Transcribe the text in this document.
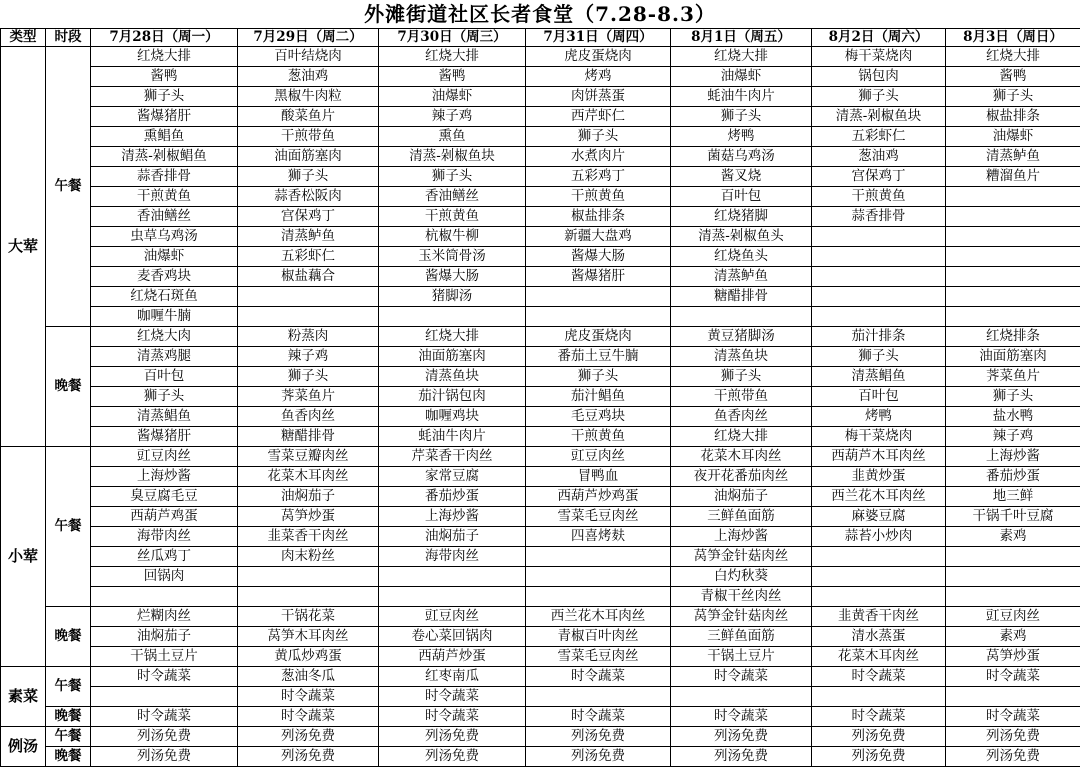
外滩街道社区长者食堂（7.28-8.3）
类型	时段	7月28日（周一）	7月29日（周二）	7月30日（周三）	7月31日（周四）	8月1日（周五）	8月2日（周六）	8月3日（周日）
大荤	午餐	红烧大排	百叶结烧肉	红烧大排	虎皮蛋烧肉	红烧大排	梅干菜烧肉	红烧大排
		酱鸭	葱油鸡	酱鸭	烤鸡	油爆虾	锅包肉	酱鸭
		狮子头	黑椒牛肉粒	油爆虾	肉饼蒸蛋	蚝油牛肉片	狮子头	狮子头
		酱爆猪肝	酸菜鱼片	辣子鸡	西芹虾仁	狮子头	清蒸-剁椒鱼块	椒盐排条
		熏鲳鱼	干煎带鱼	熏鱼	狮子头	烤鸭	五彩虾仁	油爆虾
		清蒸-剁椒鲳鱼	油面筋塞肉	清蒸-剁椒鱼块	水煮肉片	菌菇乌鸡汤	葱油鸡	清蒸鲈鱼
		蒜香排骨	狮子头	狮子头	五彩鸡丁	酱叉烧	宫保鸡丁	糟溜鱼片
		干煎黄鱼	蒜香松阪肉	香油鳝丝	干煎黄鱼	百叶包	干煎黄鱼	
		香油鳝丝	宫保鸡丁	干煎黄鱼	椒盐排条	红烧猪脚	蒜香排骨	
		虫草乌鸡汤	清蒸鲈鱼	杭椒牛柳	新疆大盘鸡	清蒸-剁椒鱼头		
		油爆虾	五彩虾仁	玉米筒骨汤	酱爆大肠	红烧鱼头		
		麦香鸡块	椒盐藕合	酱爆大肠	酱爆猪肝	清蒸鲈鱼		
		红烧石斑鱼		猪脚汤		糖醋排骨		
		咖喱牛腩						
	晚餐	红烧大肉	粉蒸肉	红烧大排	虎皮蛋烧肉	黄豆猪脚汤	茄汁排条	红烧排条
		清蒸鸡腿	辣子鸡	油面筋塞肉	番茄土豆牛腩	清蒸鱼块	狮子头	油面筋塞肉
		百叶包	狮子头	清蒸鱼块	狮子头	狮子头	清蒸鲳鱼	荠菜鱼片
		狮子头	荠菜鱼片	茄汁锅包肉	茄汁鲳鱼	干煎带鱼	百叶包	狮子头
		清蒸鲳鱼	鱼香肉丝	咖喱鸡块	毛豆鸡块	鱼香肉丝	烤鸭	盐水鸭
		酱爆猪肝	糖醋排骨	蚝油牛肉片	干煎黄鱼	红烧大排	梅干菜烧肉	辣子鸡
小荤	午餐	豇豆肉丝	雪菜豆瓣肉丝	芹菜香干肉丝	豇豆肉丝	花菜木耳肉丝	西葫芦木耳肉丝	上海炒酱
		上海炒酱	花菜木耳肉丝	家常豆腐	冒鸭血	夜开花番茄肉丝	韭黄炒蛋	番茄炒蛋
		臭豆腐毛豆	油焖茄子	番茄炒蛋	西葫芦炒鸡蛋	油焖茄子	西兰花木耳肉丝	地三鲜
		西葫芦鸡蛋	莴笋炒蛋	上海炒酱	雪菜毛豆肉丝	三鲜鱼面筋	麻婆豆腐	干锅千叶豆腐
		海带肉丝	韭菜香干肉丝	油焖茄子	四喜烤麸	上海炒酱	蒜苔小炒肉	素鸡
		丝瓜鸡丁	肉末粉丝	海带肉丝		莴笋金针菇肉丝		
		回锅肉				白灼秋葵		
						青椒干丝肉丝		
	晚餐	烂糊肉丝	干锅花菜	豇豆肉丝	西兰花木耳肉丝	莴笋金针菇肉丝	韭黄香干肉丝	豇豆肉丝
		油焖茄子	莴笋木耳肉丝	卷心菜回锅肉	青椒百叶肉丝	三鲜鱼面筋	清水蒸蛋	素鸡
		干锅土豆片	黄瓜炒鸡蛋	西葫芦炒蛋	雪菜毛豆肉丝	干锅土豆片	花菜木耳肉丝	莴笋炒蛋
素菜	午餐	时令蔬菜	葱油冬瓜	红枣南瓜	时令蔬菜	时令蔬菜	时令蔬菜	时令蔬菜
			时令蔬菜	时令蔬菜				
	晚餐	时令蔬菜	时令蔬菜	时令蔬菜	时令蔬菜	时令蔬菜	时令蔬菜	时令蔬菜
例汤	午餐	列汤免费	列汤免费	列汤免费	列汤免费	列汤免费	列汤免费	列汤免费
	晚餐	列汤免费	列汤免费	列汤免费	列汤免费	列汤免费	列汤免费	列汤免费
